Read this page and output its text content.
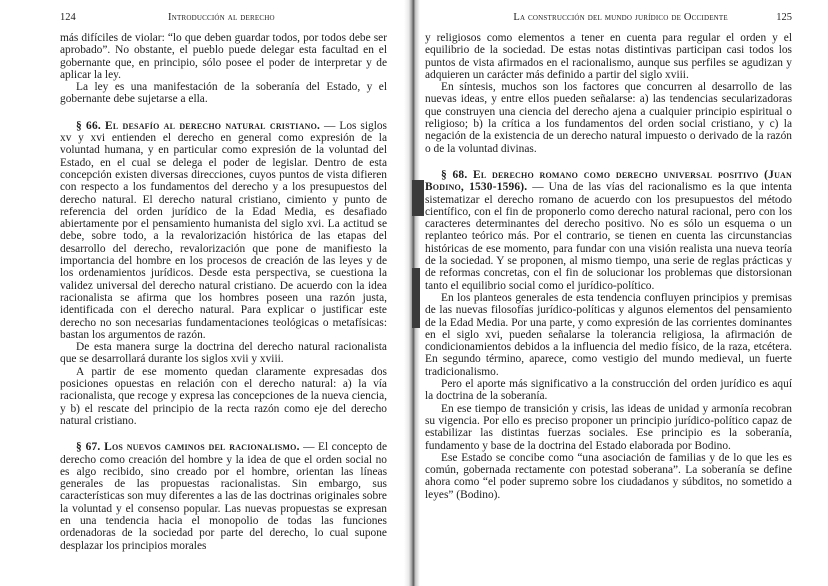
124	Introducción al derecho

más difíciles de violar: “lo que deben guardar todos, por todos debe ser aprobado”. No obstante, el pueblo puede delegar esta facultad en el gobernante que, en principio, sólo posee el poder de interpretar y de aplicar la ley.

La ley es una manifestación de la soberanía del Estado, y el gobernante debe sujetarse a ella.

§ 66. El desafío al derecho natural cristiano. — Los siglos xv y xvi entienden el derecho en general como expresión de la voluntad humana, y en particular como expresión de la voluntad del Estado, en el cual se delega el poder de legislar. Dentro de esta concepción existen diversas direcciones, cuyos puntos de vista difieren con respecto a los fundamentos del derecho y a los presupuestos del derecho natural. El derecho natural cristiano, cimiento y punto de referencia del orden jurídico de la Edad Media, es desafiado abiertamente por el pensamiento humanista del siglo xvi. La actitud se debe, sobre todo, a la revalorización histórica de las etapas del desarrollo del derecho, revalorización que pone de manifiesto la importancia del hombre en los procesos de creación de las leyes y de los ordenamientos jurídicos. Desde esta perspectiva, se cuestiona la validez universal del derecho natural cristiano. De acuerdo con la idea racionalista se afirma que los hombres poseen una razón justa, identificada con el derecho natural. Para explicar o justificar este derecho no son necesarias fundamentaciones teológicas o metafísicas: bastan los argumentos de razón.

De esta manera surge la doctrina del derecho natural racionalista que se desarrollará durante los siglos xvii y xviii.

A partir de ese momento quedan claramente expresadas dos posiciones opuestas en relación con el derecho natural: a) la vía racionalista, que recoge y expresa las concepciones de la nueva ciencia, y b) el rescate del principio de la recta razón como eje del derecho natural cristiano.

§ 67. Los nuevos caminos del racionalismo. — El concepto de derecho como creación del hombre y la idea de que el orden social no es algo recibido, sino creado por el hombre, orientan las líneas generales de las propuestas racionalistas. Sin embargo, sus características son muy diferentes a las de las doctrinas originales sobre la voluntad y el consenso popular. Las nuevas propuestas se expresan en una tendencia hacia el monopolio de todas las funciones ordenadoras de la sociedad por parte del derecho, lo cual supone desplazar los principios morales

La construcción del mundo jurídico de Occidente	125

y religiosos como elementos a tener en cuenta para regular el orden y el equilibrio de la sociedad. De estas notas distintivas participan casi todos los puntos de vista afirmados en el racionalismo, aunque sus perfiles se agudizan y adquieren un carácter más definido a partir del siglo xviii.

En síntesis, muchos son los factores que concurren al desarrollo de las nuevas ideas, y entre ellos pueden señalarse: a) las tendencias secularizadoras que construyen una ciencia del derecho ajena a cualquier principio espiritual o religioso; b) la crítica a los fundamentos del orden social cristiano, y c) la negación de la existencia de un derecho natural impuesto o derivado de la razón o de la voluntad divinas.

§ 68. El derecho romano como derecho universal positivo (Juan Bodino, 1530-1596). — Una de las vías del racionalismo es la que intenta sistematizar el derecho romano de acuerdo con los presupuestos del método científico, con el fin de proponerlo como derecho natural racional, pero con los caracteres determinantes del derecho positivo. No es sólo un esquema o un replanteo teórico más. Por el contrario, se tienen en cuenta las circunstancias históricas de ese momento, para fundar con una visión realista una nueva teoría de la sociedad. Y se proponen, al mismo tiempo, una serie de reglas prácticas y de reformas concretas, con el fin de solucionar los problemas que distorsionan tanto el equilibrio social como el jurídico-político.

En los planteos generales de esta tendencia confluyen principios y premisas de las nuevas filosofías jurídico-políticas y algunos elementos del pensamiento de la Edad Media. Por una parte, y como expresión de las corrientes dominantes en el siglo xvi, pueden señalarse la tolerancia religiosa, la afirmación de condicionamientos debidos a la influencia del medio físico, de la raza, etcétera. En segundo término, aparece, como vestigio del mundo medieval, un fuerte tradicionalismo.

Pero el aporte más significativo a la construcción del orden jurídico es aquí la doctrina de la soberanía.

En ese tiempo de transición y crisis, las ideas de unidad y armonía recobran su vigencia. Por ello es preciso proponer un principio jurídico-político capaz de estabilizar las distintas fuerzas sociales. Ese principio es la soberanía, fundamento y base de la doctrina del Estado elaborada por Bodino.

Ese Estado se concibe como “una asociación de familias y de lo que les es común, gobernada rectamente con potestad soberana”. La soberanía se define ahora como “el poder supremo sobre los ciudadanos y súbditos, no sometido a leyes” (Bodino).
